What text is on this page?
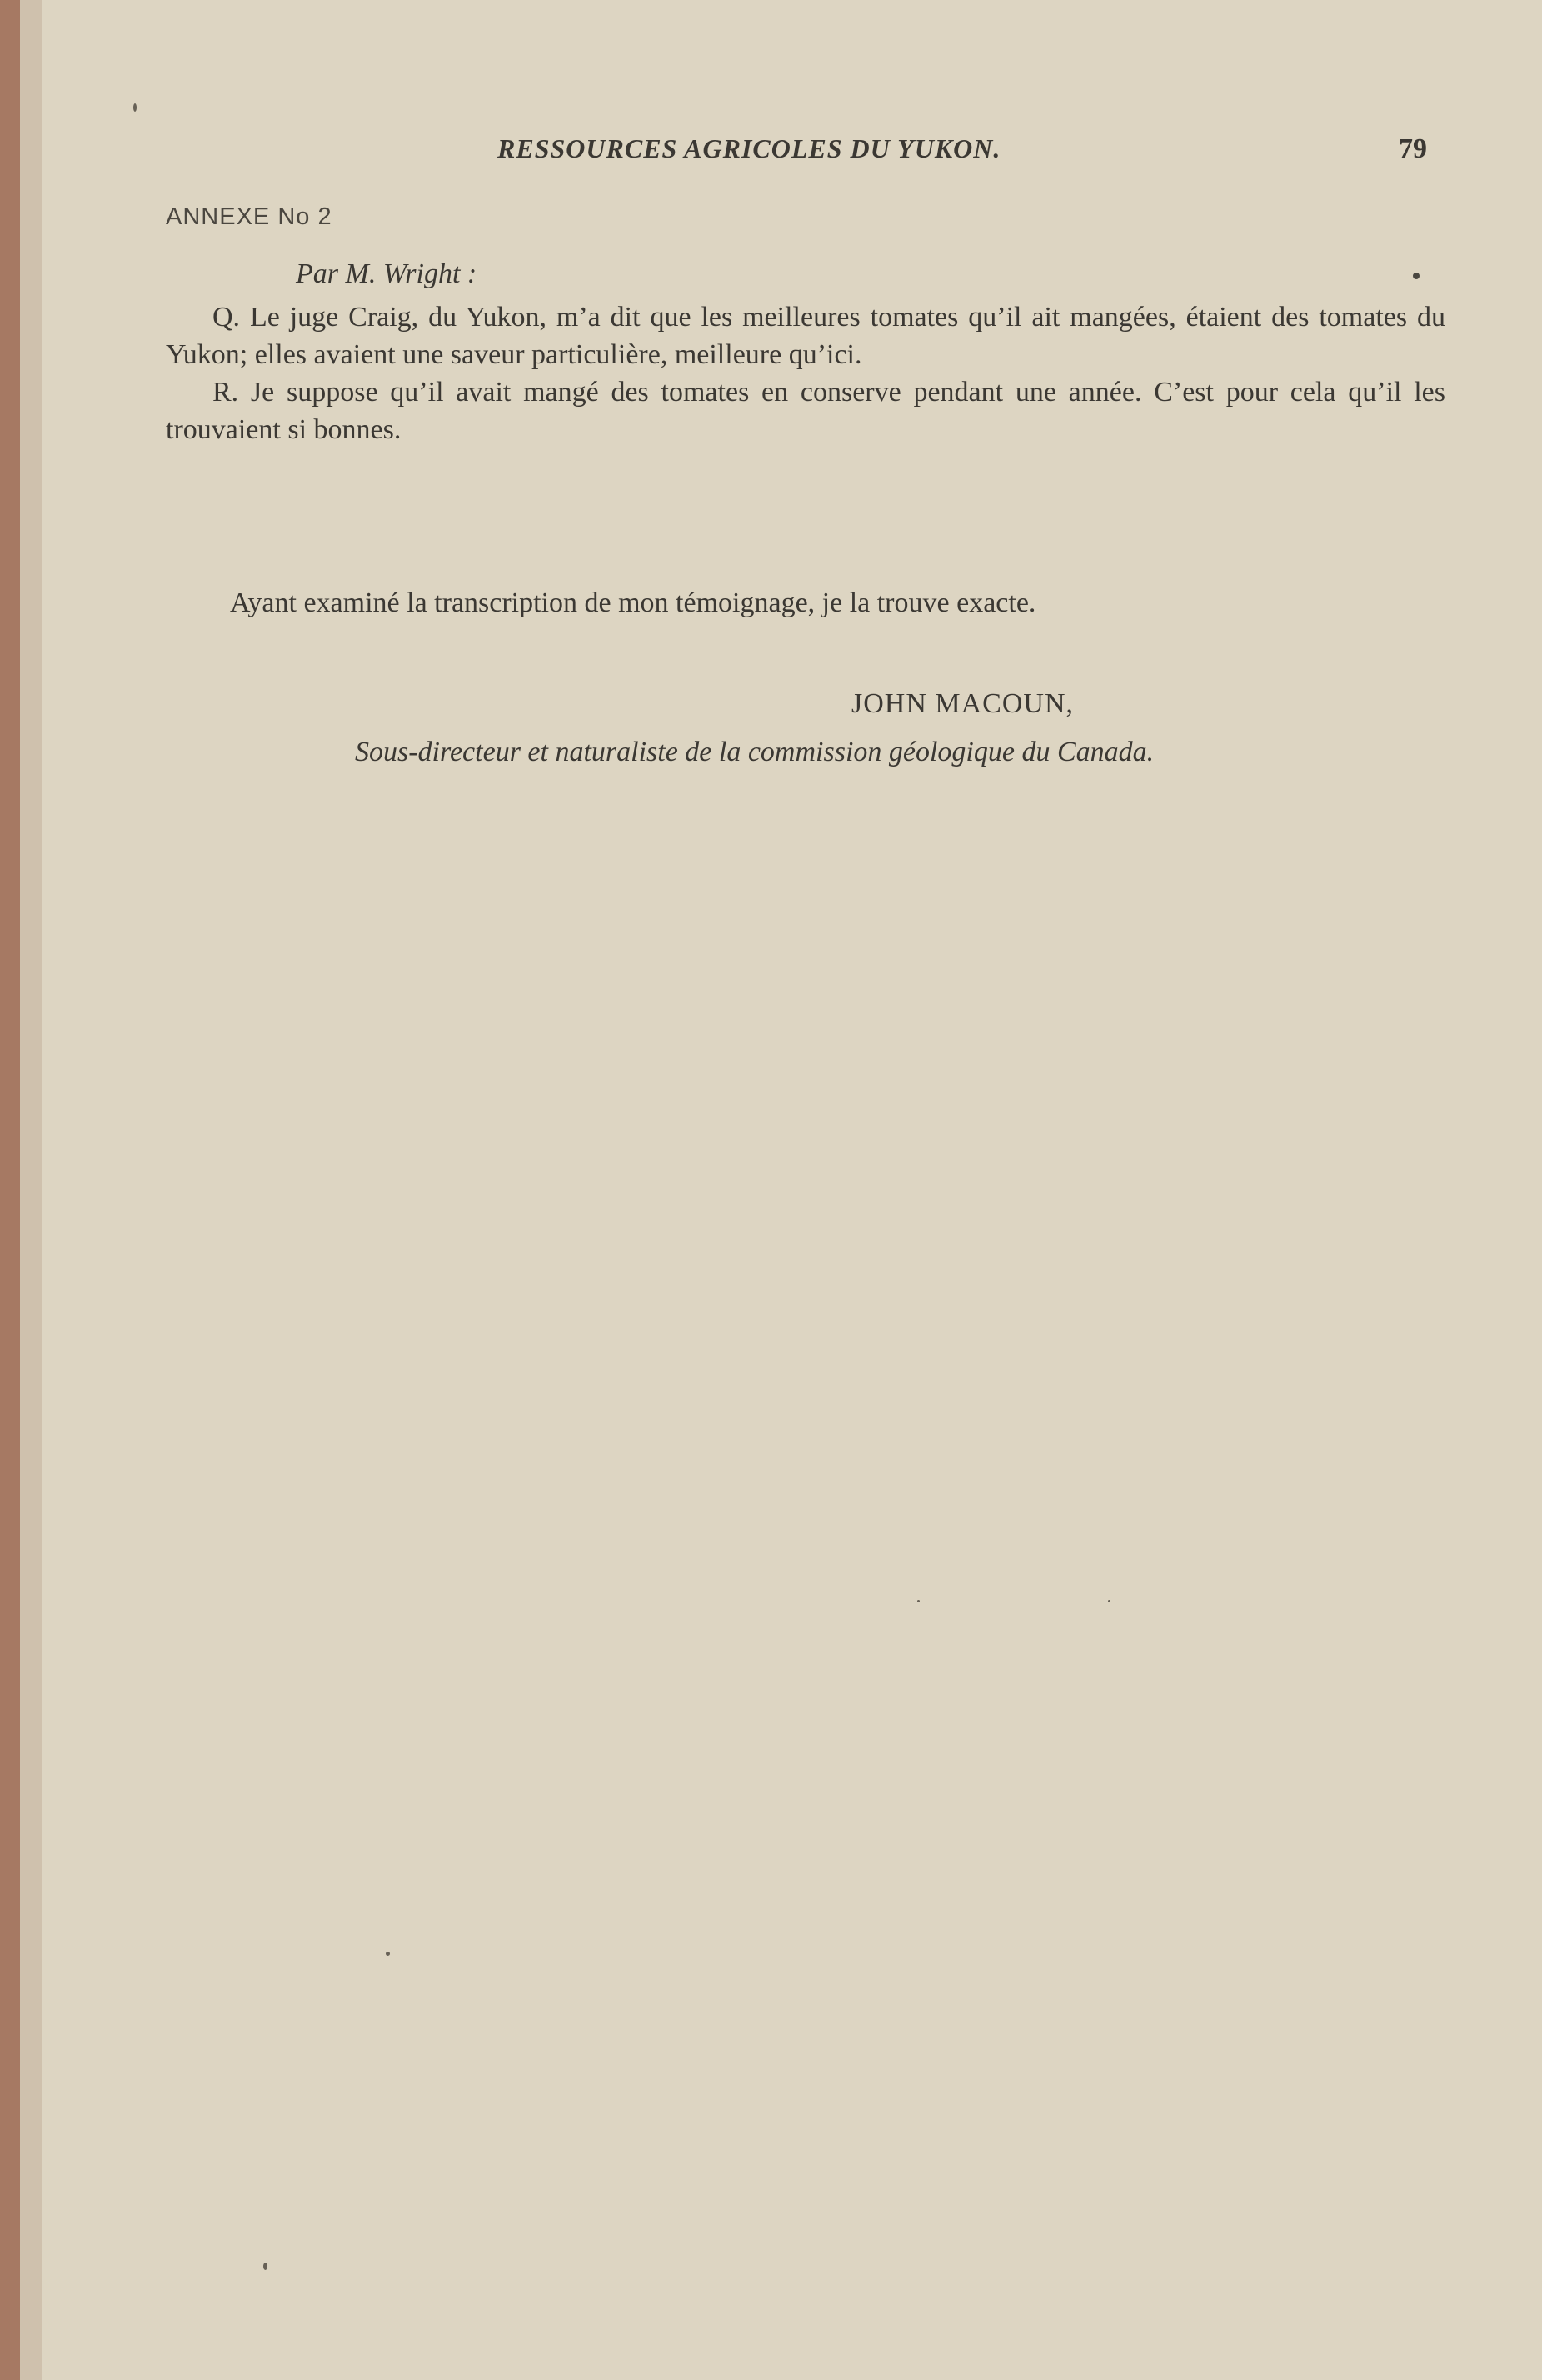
RESSOURCES AGRICOLES DU YUKON.	79
ANNEXE No 2
Par M. Wright :

Q. Le juge Craig, du Yukon, m’a dit que les meilleures tomates qu’il ait mangées, étaient des tomates du Yukon; elles avaient une saveur particulière, meilleure qu’ici.

R. Je suppose qu’il avait mangé des tomates en conserve pendant une année. C’est pour cela qu’il les trouvaient si bonnes.

Ayant examiné la transcription de mon témoignage, je la trouve exacte.
JOHN MACOUN,
Sous-directeur et naturaliste de la commission géologique du Canada.
